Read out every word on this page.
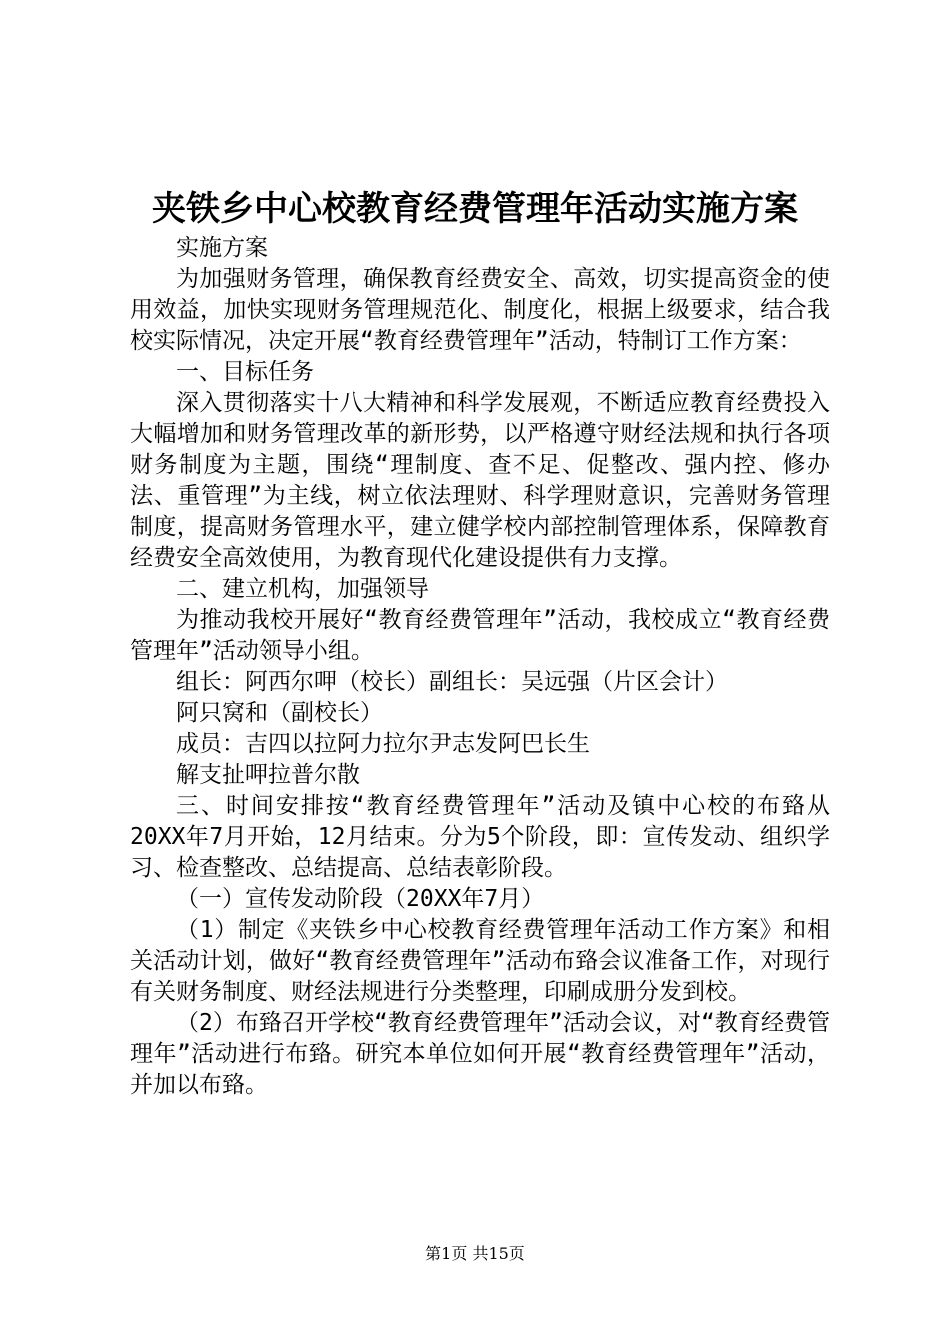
夹铁乡中心校教育经费管理年活动实施方案

实施方案

为加强财务管理，确保教育经费安全、高效，切实提高资金的使用效益，加快实现财务管理规范化、制度化，根据上级要求，结合我校实际情况，决定开展“教育经费管理年”活动，特制订工作方案：

一、目标任务

深入贯彻落实十八大精神和科学发展观，不断适应教育经费投入大幅增加和财务管理改革的新形势，以严格遵守财经法规和执行各项财务制度为主题，围绕“理制度、查不足、促整改、强内控、修办法、重管理”为主线，树立依法理财、科学理财意识，完善财务管理制度，提高财务管理水平，建立健学校内部控制管理体系，保障教育经费安全高效使用，为教育现代化建设提供有力支撑。

二、建立机构，加强领导

为推动我校开展好“教育经费管理年”活动，我校成立“教育经费管理年”活动领导小组。

组长：阿西尔呷（校长）副组长：吴远强（片区会计）

阿只窝和（副校长）

成员：吉四以拉阿力拉尔尹志发阿巴长生

解支扯呷拉普尔散

三、时间安排按“教育经费管理年”活动及镇中心校的布臵从20XX年7月开始，12月结束。分为5个阶段，即：宣传发动、组织学习、检查整改、总结提高、总结表彰阶段。

（一）宣传发动阶段（20XX年7月）

（1）制定《夹铁乡中心校教育经费管理年活动工作方案》和相关活动计划，做好“教育经费管理年”活动布臵会议准备工作，对现行有关财务制度、财经法规进行分类整理，印刷成册分发到校。

（2）布臵召开学校“教育经费管理年”活动会议，对“教育经费管理年”活动进行布臵。研究本单位如何开展“教育经费管理年”活动，并加以布臵。

第1页 共15页
